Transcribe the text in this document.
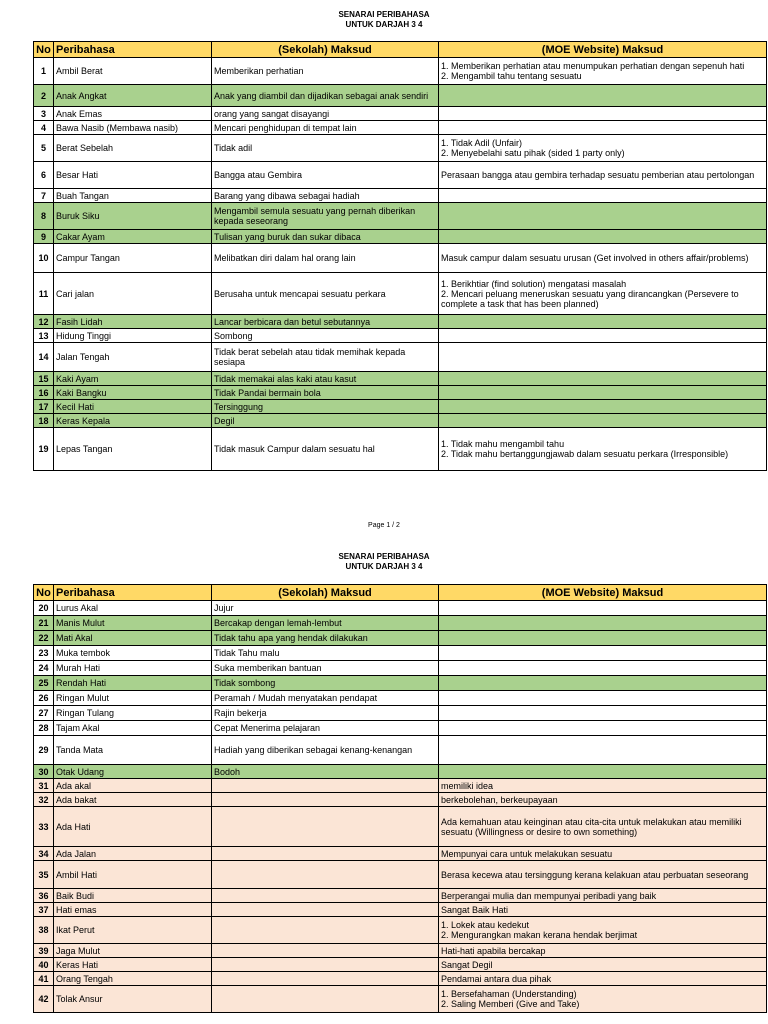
SENARAI PERIBAHASA
UNTUK DARJAH 3 4
No	Peribahasa	(Sekolah) Maksud	(MOE Website) Maksud
1	Ambil Berat	Memberikan perhatian	1. Memberikan perhatian atau menumpukan perhatian dengan sepenuh hati
2. Mengambil tahu tentang sesuatu
2	Anak Angkat	Anak yang diambil dan dijadikan sebagai anak sendiri	
3	Anak Emas	orang yang sangat disayangi	
4	Bawa Nasib (Membawa nasib)	Mencari penghidupan di tempat lain	
5	Berat Sebelah	Tidak adil	1. Tidak Adil (Unfair)
2. Menyebelahi satu pihak (sided 1 party only)
6	Besar Hati	Bangga atau Gembira	Perasaan bangga atau gembira terhadap sesuatu pemberian atau pertolongan
7	Buah Tangan	Barang yang dibawa sebagai hadiah	
8	Buruk Siku	Mengambil semula sesuatu yang pernah diberikan kepada seseorang	
9	Cakar Ayam	Tulisan yang buruk dan sukar dibaca	
10	Campur Tangan	Melibatkan diri dalam hal orang lain	Masuk campur dalam sesuatu urusan (Get involved in others affair/problems)
11	Cari jalan	Berusaha untuk mencapai sesuatu perkara	1. Berikhtiar (find solution) mengatasi masalah
2. Mencari peluang meneruskan sesuatu yang dirancangkan (Persevere to complete a task that has been planned)
12	Fasih Lidah	Lancar berbicara dan betul sebutannya	
13	Hidung Tinggi	Sombong	
14	Jalan Tengah	Tidak berat sebelah atau tidak memihak kepada sesiapa	
15	Kaki Ayam	Tidak memakai alas kaki atau kasut	
16	Kaki Bangku	Tidak Pandai bermain bola	
17	Kecil Hati	Tersinggung	
18	Keras Kepala	Degil	
19	Lepas Tangan	Tidak masuk Campur dalam sesuatu hal	1. Tidak mahu mengambil tahu
2. Tidak mahu bertanggungjawab dalam sesuatu perkara (Irresponsible)
Page 1 / 2
SENARAI PERIBAHASA
UNTUK DARJAH 3 4
No	Peribahasa	(Sekolah) Maksud	(MOE Website) Maksud
20	Lurus Akal	Jujur	
21	Manis Mulut	Bercakap dengan lemah-lembut	
22	Mati Akal	Tidak tahu apa yang hendak dilakukan	
23	Muka tembok	Tidak Tahu malu	
24	Murah Hati	Suka memberikan bantuan	
25	Rendah Hati	Tidak sombong	
26	Ringan Mulut	Peramah / Mudah menyatakan pendapat	
27	Ringan Tulang	Rajin bekerja	
28	Tajam Akal	Cepat Menerima pelajaran	
29	Tanda Mata	Hadiah yang diberikan sebagai kenang-kenangan	
30	Otak Udang	Bodoh	
31	Ada akal		memiliki idea
32	Ada bakat		berkebolehan, berkeupayaan
33	Ada Hati		Ada kemahuan atau keinginan atau cita-cita untuk melakukan atau memiliki sesuatu (Willingness or desire to own something)
34	Ada Jalan		Mempunyai cara untuk melakukan sesuatu
35	Ambil Hati		Berasa kecewa atau tersinggung kerana kelakuan atau perbuatan seseorang
36	Baik Budi		Berperangai mulia dan mempunyai peribadi yang baik
37	Hati emas		Sangat Baik Hati
38	Ikat Perut		1. Lokek atau kedekut
2. Mengurangkan makan kerana hendak berjimat
39	Jaga Mulut		Hati-hati apabila bercakap
40	Keras Hati		Sangat Degil
41	Orang Tengah		Pendamai antara dua pihak
42	Tolak Ansur		1. Bersefahaman (Understanding)
2. Saling Memberi (Give and Take)
